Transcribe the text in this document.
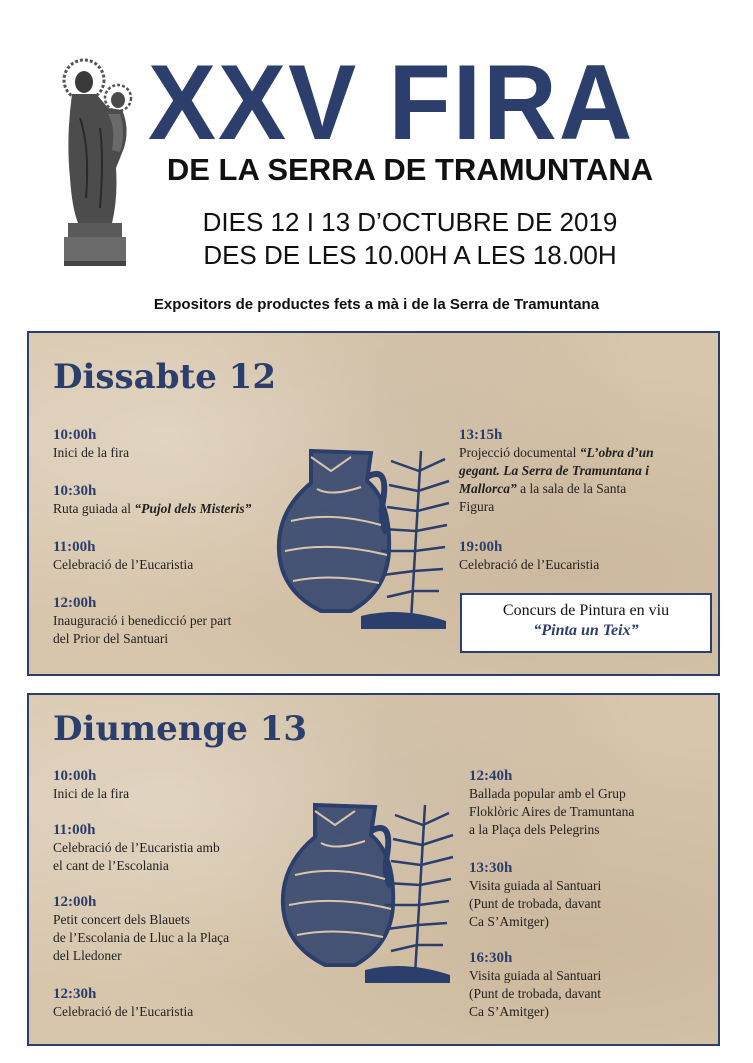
XXV FIRA
DE LA SERRA DE TRAMUNTANA
DIES 12 I 13 D’OCTUBRE DE 2019
DES DE LES 10.00H A LES 18.00H
Expositors de productes fets a mà i de la Serra de Tramuntana
Dissabte 12
10:00h
Inici de la fira
10:30h
Ruta guiada al “Pujol dels Misteris”
11:00h
Celebració de l’Eucaristia
12:00h
Inauguració i benedicció per part
del Prior del Santuari
13:15h
Projecció documental “L’obra d’un
gegant. La Serra de Tramuntana i
Mallorca” a la sala de la Santa
Figura
19:00h
Celebració de l’Eucaristia
Concurs de Pintura en viu
“Pinta un Teix”
Diumenge 13
10:00h
Inici de la fira
11:00h
Celebració de l’Eucaristia amb
el cant de l’Escolania
12:00h
Petit concert dels Blauets
de l’Escolania de Lluc a la Plaça
del Lledoner
12:30h
Celebració de l’Eucaristia
12:40h
Ballada popular amb el Grup
Floklòric Aires de Tramuntana
a la Plaça dels Pelegrins
13:30h
Visita guiada al Santuari
(Punt de trobada, davant
Ca S’Amitger)
16:30h
Visita guiada al Santuari
(Punt de trobada, davant
Ca S’Amitger)
